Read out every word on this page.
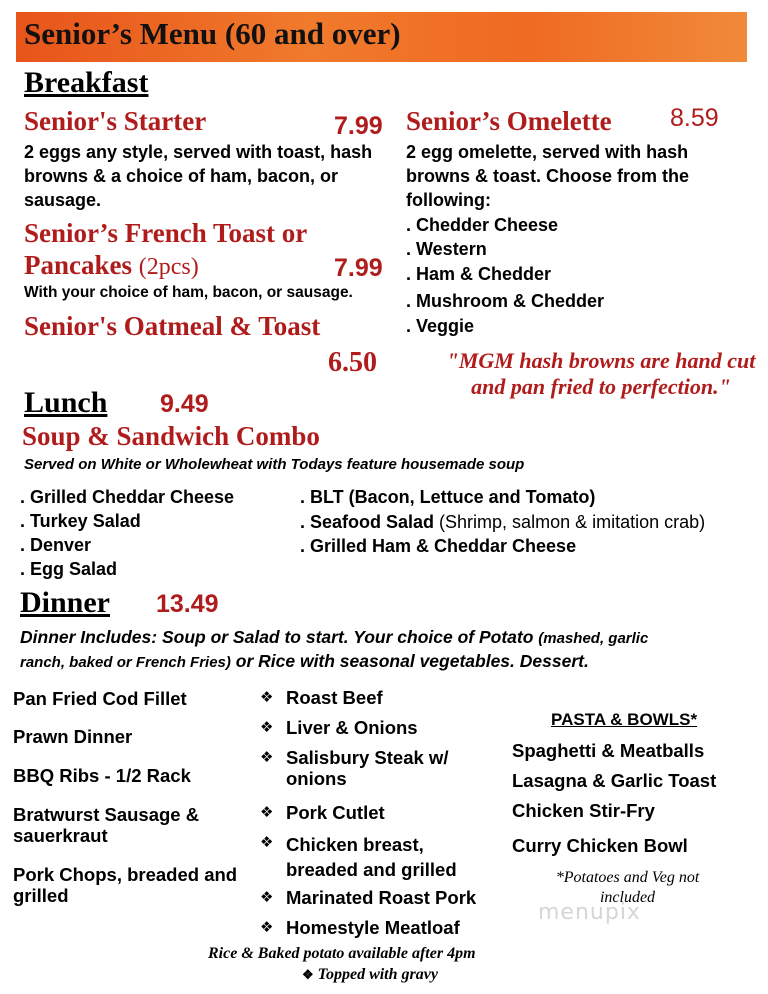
Senior’s Menu (60 and over)
Breakfast
Senior's Starter	7.99
2 eggs any style, served with toast, hash browns & a choice of ham, bacon, or sausage.
Senior’s French Toast or
Pancakes (2pcs)	7.99
With your choice of ham, bacon, or sausage.
Senior's Oatmeal & Toast
6.50
Senior’s Omelette 8.59
2 egg omelette, served with hash browns & toast. Choose from the following:
. Chedder Cheese
. Western
. Ham & Chedder
. Mushroom & Chedder
. Veggie
"MGM hash browns are hand cut and pan fried to perfection."
Lunch 9.49
Soup & Sandwich Combo
Served on White or Wholewheat with Todays feature housemade soup
. Grilled Cheddar Cheese
. Turkey Salad
. Denver
. Egg Salad
. BLT (Bacon, Lettuce and Tomato)
. Seafood Salad (Shrimp, salmon & imitation crab)
. Grilled Ham & Cheddar Cheese
Dinner 13.49
Dinner Includes: Soup or Salad to start. Your choice of Potato (mashed, garlic
ranch, baked or French Fries) or Rice with seasonal vegetables. Dessert.
Pan Fried Cod Fillet
Prawn Dinner
BBQ Ribs - 1/2 Rack
Bratwurst Sausage & sauerkraut
Pork Chops, breaded and grilled
❖ Roast Beef
❖ Liver & Onions
❖ Salisbury Steak w/ onions
❖ Pork Cutlet
❖ Chicken breast, breaded and grilled
❖ Marinated Roast Pork
❖ Homestyle Meatloaf
PASTA & BOWLS*
Spaghetti & Meatballs
Lasagna & Garlic Toast
Chicken Stir-Fry
Curry Chicken Bowl
*Potatoes and Veg not included
menupix
Rice & Baked potato available after 4pm
❖ Topped with gravy
